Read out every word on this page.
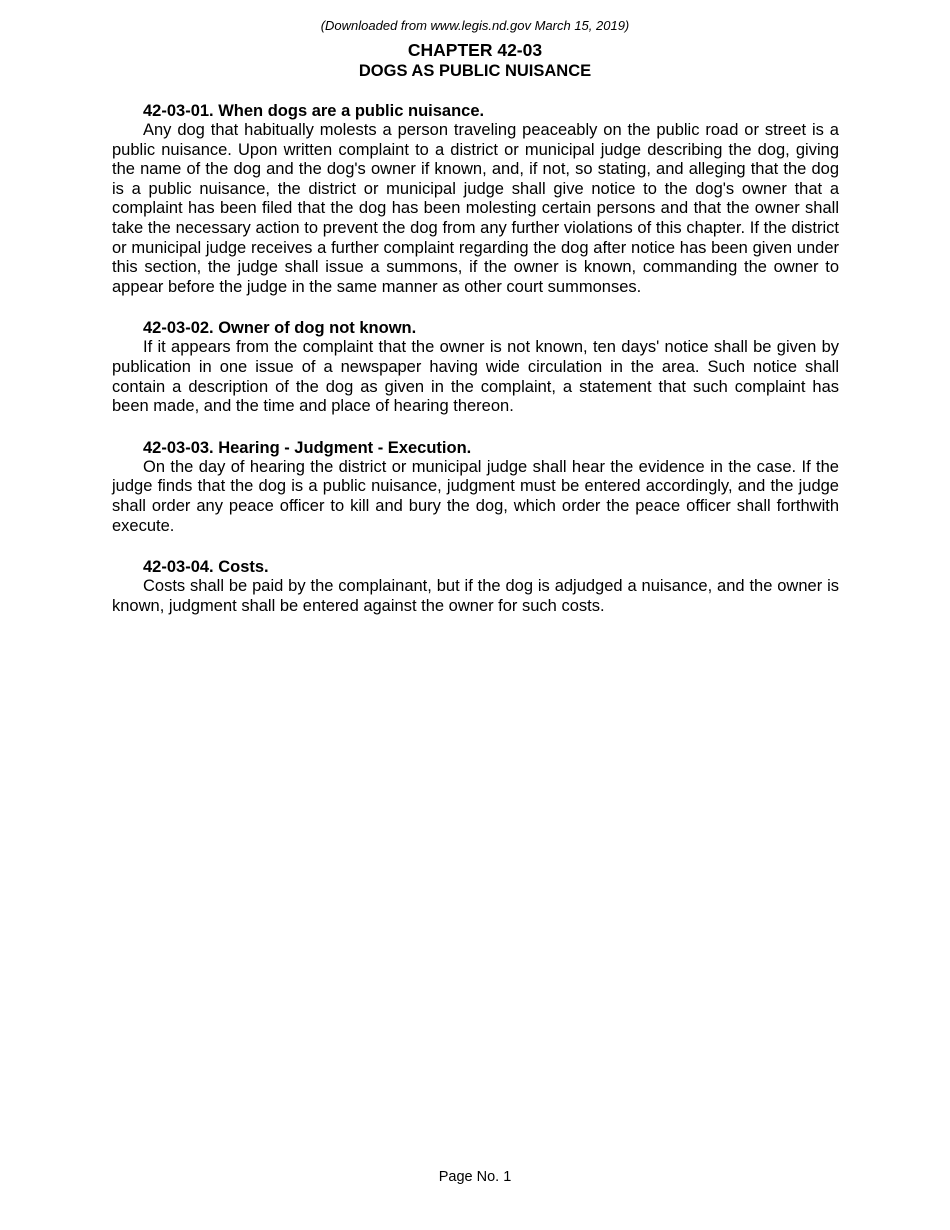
(Downloaded from www.legis.nd.gov March 15, 2019)
CHAPTER 42-03
DOGS AS PUBLIC NUISANCE

42-03-01. When dogs are a public nuisance.

Any dog that habitually molests a person traveling peaceably on the public road or street is a public nuisance. Upon written complaint to a district or municipal judge describing the dog, giving the name of the dog and the dog's owner if known, and, if not, so stating, and alleging that the dog is a public nuisance, the district or municipal judge shall give notice to the dog's owner that a complaint has been filed that the dog has been molesting certain persons and that the owner shall take the necessary action to prevent the dog from any further violations of this chapter. If the district or municipal judge receives a further complaint regarding the dog after notice has been given under this section, the judge shall issue a summons, if the owner is known, commanding the owner to appear before the judge in the same manner as other court summonses.

42-03-02. Owner of dog not known.

If it appears from the complaint that the owner is not known, ten days' notice shall be given by publication in one issue of a newspaper having wide circulation in the area. Such notice shall contain a description of the dog as given in the complaint, a statement that such complaint has been made, and the time and place of hearing thereon.

42-03-03. Hearing - Judgment - Execution.

On the day of hearing the district or municipal judge shall hear the evidence in the case. If the judge finds that the dog is a public nuisance, judgment must be entered accordingly, and the judge shall order any peace officer to kill and bury the dog, which order the peace officer shall forthwith execute.

42-03-04. Costs.

Costs shall be paid by the complainant, but if the dog is adjudged a nuisance, and the owner is known, judgment shall be entered against the owner for such costs.

Page No. 1
